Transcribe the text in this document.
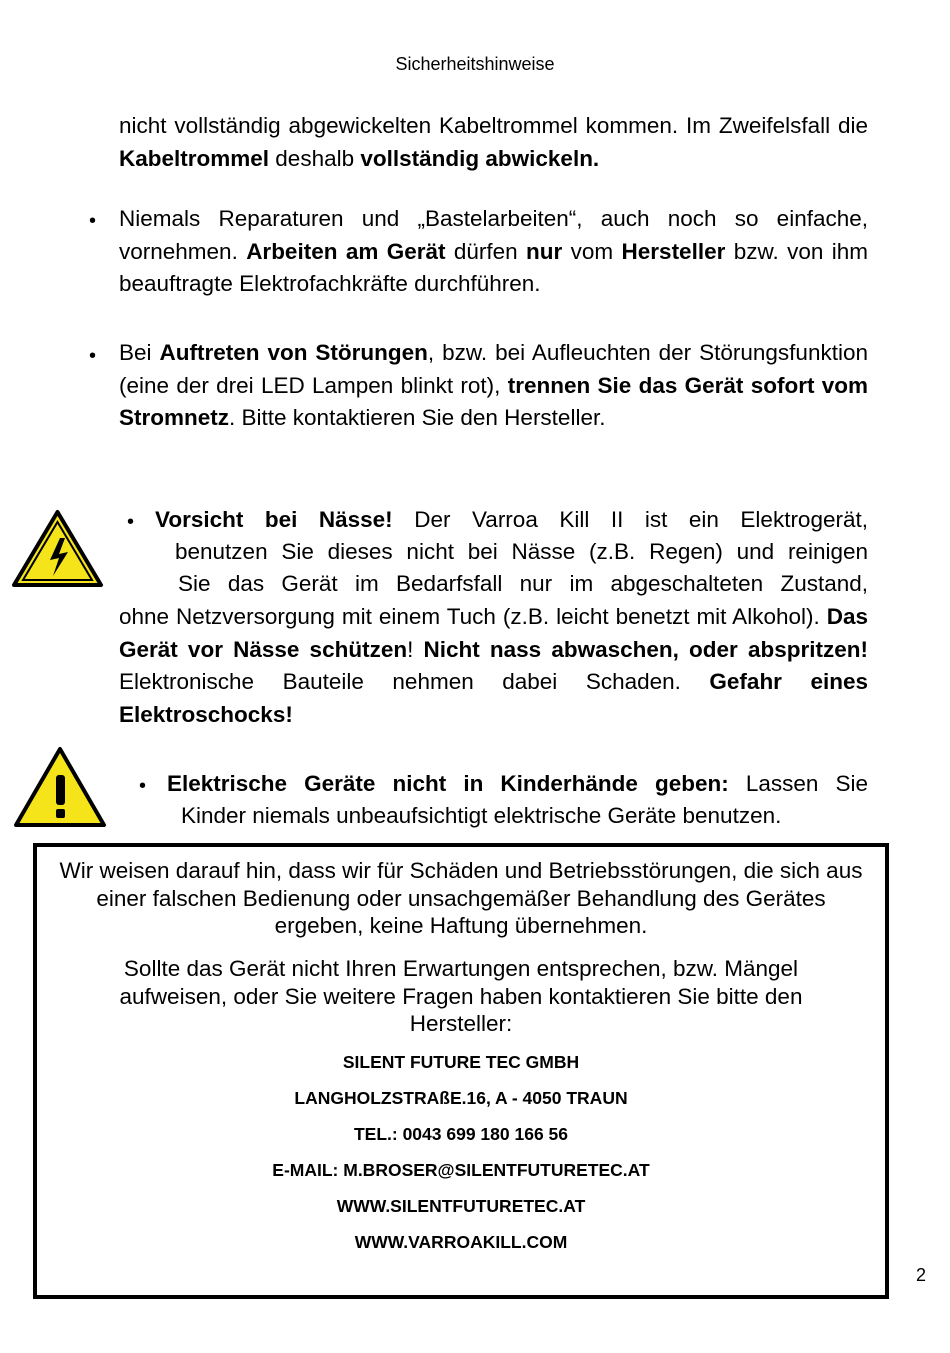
Sicherheitshinweise
nicht vollständig abgewickelten Kabeltrommel kommen. Im Zweifelsfall die Kabeltrommel deshalb vollständig abwickeln.
• Niemals Reparaturen und „Bastelarbeiten“, auch noch so einfache, vornehmen. Arbeiten am Gerät dürfen nur vom Hersteller bzw. von ihm beauftragte Elektrofachkräfte durchführen.
• Bei Auftreten von Störungen, bzw. bei Aufleuchten der Störungsfunktion (eine der drei LED Lampen blinkt rot), trennen Sie das Gerät sofort vom Stromnetz. Bitte kontaktieren Sie den Hersteller.
• Vorsicht bei Nässe! Der Varroa Kill II ist ein Elektrogerät,
benutzen Sie dieses nicht bei Nässe (z.B. Regen) und reinigen
Sie das Gerät im Bedarfsfall nur im abgeschalteten Zustand,
ohne Netzversorgung mit einem Tuch (z.B. leicht benetzt mit Alkohol). Das Gerät vor Nässe schützen! Nicht nass abwaschen, oder abspritzen! Elektronische Bauteile nehmen dabei Schaden. Gefahr eines Elektroschocks!
• Elektrische Geräte nicht in Kinderhände geben: Lassen Sie
Kinder niemals unbeaufsichtigt elektrische Geräte benutzen.
Wir weisen darauf hin, dass wir für Schäden und Betriebsstörungen, die sich aus einer falschen Bedienung oder unsachgemäßer Behandlung des Gerätes ergeben, keine Haftung übernehmen.
Sollte das Gerät nicht Ihren Erwartungen entsprechen, bzw. Mängel aufweisen, oder Sie weitere Fragen haben kontaktieren Sie bitte den Hersteller:
SILENT FUTURE TEC GMBH
LANGHOLZSTRAßE.16, A - 4050 TRAUN
TEL.: 0043 699 180 166 56
E-MAIL: M.BROSER@SILENTFUTURETEC.AT
WWW.SILENTFUTURETEC.AT
WWW.VARROAKILL.COM
2
